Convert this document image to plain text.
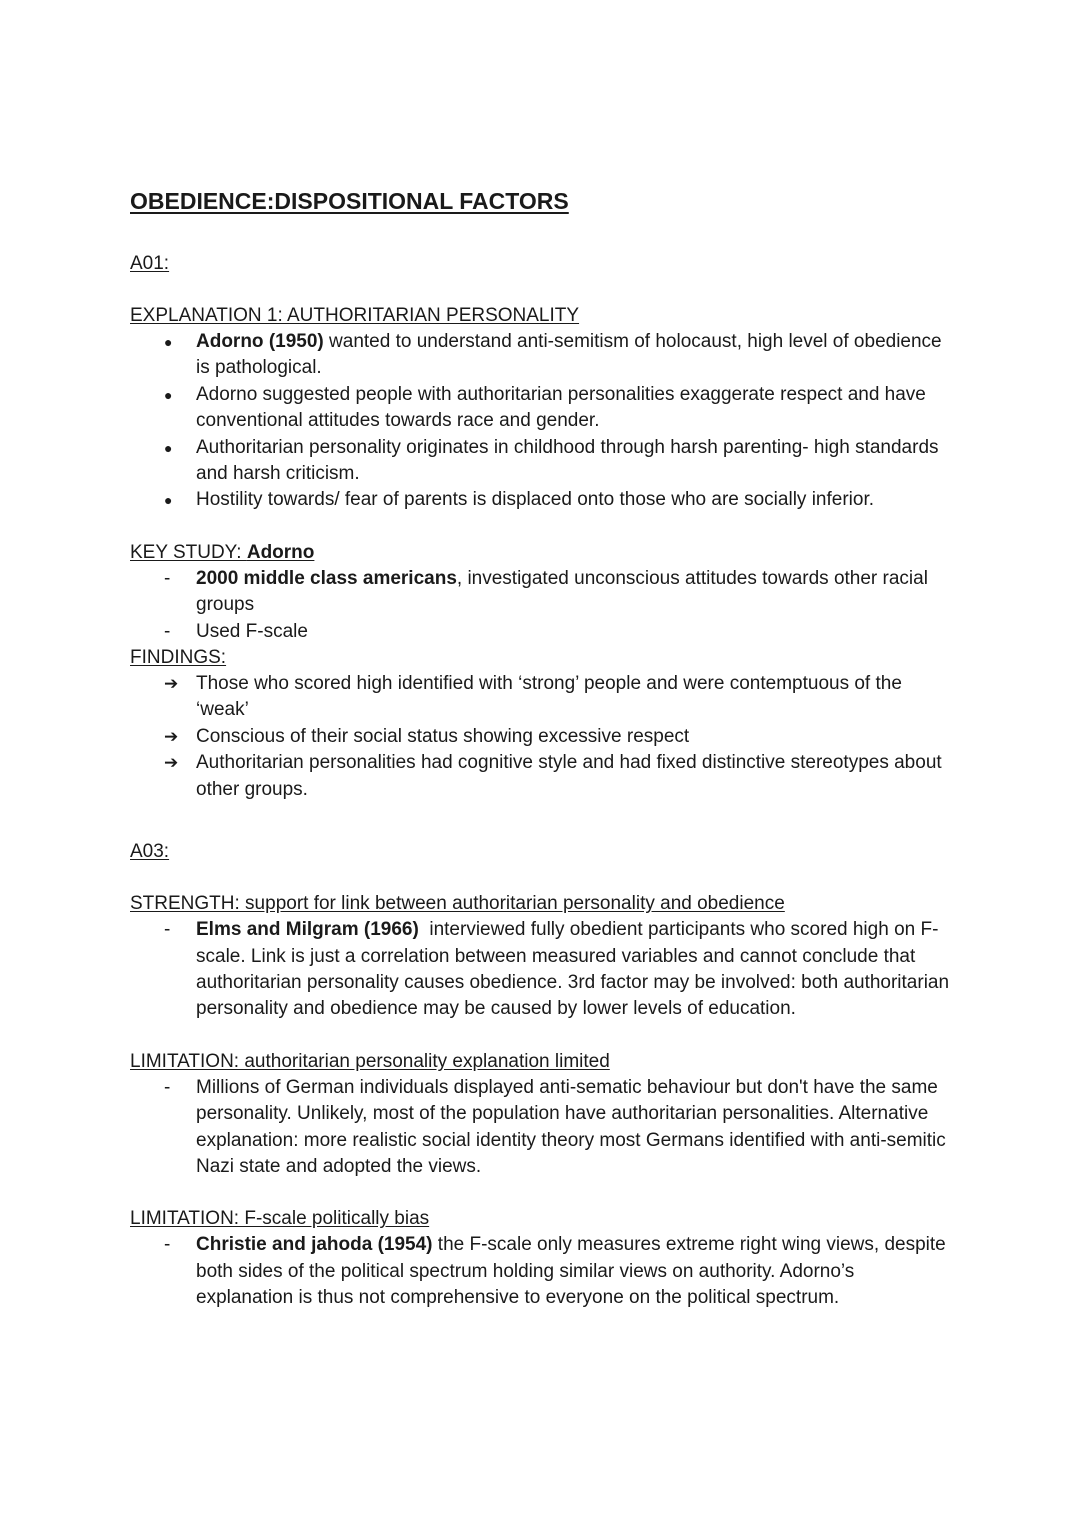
OBEDIENCE:DISPOSITIONAL FACTORS
A01:
EXPLANATION 1: AUTHORITARIAN PERSONALITY
●	Adorno (1950) wanted to understand anti-semitism of holocaust, high level of obedience is pathological.
●	Adorno suggested people with authoritarian personalities exaggerate respect and have conventional attitudes towards race and gender.
●	Authoritarian personality originates in childhood through harsh parenting- high standards and harsh criticism.
●	Hostility towards/ fear of parents is displaced onto those who are socially inferior.
KEY STUDY: Adorno
-	2000 middle class americans, investigated unconscious attitudes towards other racial groups
-	Used F-scale
FINDINGS:
➔ Those who scored high identified with ‘strong’ people and were contemptuous of the ‘weak’
➔ Conscious of their social status showing excessive respect
➔ Authoritarian personalities had cognitive style and had fixed distinctive stereotypes about other groups.
A03:
STRENGTH: support for link between authoritarian personality and obedience
-	Elms and Milgram (1966)  interviewed fully obedient participants who scored high on F-scale. Link is just a correlation between measured variables and cannot conclude that authoritarian personality causes obedience. 3rd factor may be involved: both authoritarian personality and obedience may be caused by lower levels of education.
LIMITATION: authoritarian personality explanation limited
-	Millions of German individuals displayed anti-sematic behaviour but don't have the same personality. Unlikely, most of the population have authoritarian personalities. Alternative explanation: more realistic social identity theory most Germans identified with anti-semitic Nazi state and adopted the views.
LIMITATION: F-scale politically bias
-	Christie and jahoda (1954) the F-scale only measures extreme right wing views, despite both sides of the political spectrum holding similar views on authority. Adorno’s explanation is thus not comprehensive to everyone on the political spectrum.
